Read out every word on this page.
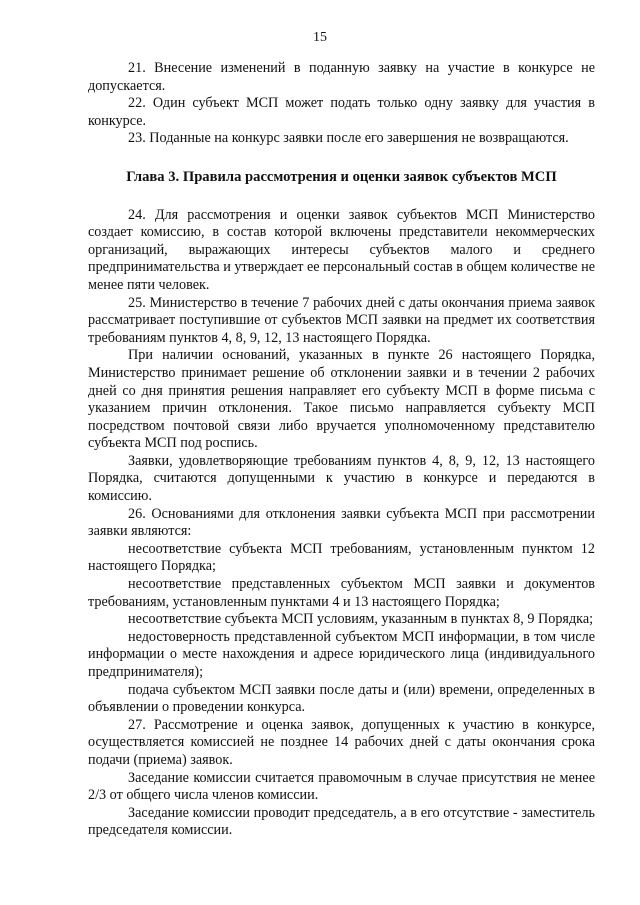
15

21. Внесение изменений в поданную заявку на участие в конкурсе не допускается.

22. Один субъект МСП может подать только одну заявку для участия в конкурсе.

23. Поданные на конкурс заявки после его завершения не возвращаются.

Глава 3. Правила рассмотрения и оценки заявок субъектов МСП

24. Для рассмотрения и оценки заявок субъектов МСП Министерство создает комиссию, в состав которой включены представители некоммерческих организаций, выражающих интересы субъектов малого и среднего предпринимательства и утверждает ее персональный состав в общем количестве не менее пяти человек.

25. Министерство в течение 7 рабочих дней с даты окончания приема заявок рассматривает поступившие от субъектов МСП заявки на предмет их соответствия требованиям пунктов 4, 8, 9, 12, 13 настоящего Порядка.

При наличии оснований, указанных в пункте 26 настоящего Порядка, Министерство принимает решение об отклонении заявки и в течении 2 рабочих дней со дня принятия решения направляет его субъекту МСП в форме письма с указанием причин отклонения. Такое письмо направляется субъекту МСП посредством почтовой связи либо вручается уполномоченному представителю субъекта МСП под роспись.

Заявки, удовлетворяющие требованиям пунктов 4, 8, 9, 12, 13 настоящего Порядка, считаются допущенными к участию в конкурсе и передаются в комиссию.

26. Основаниями для отклонения заявки субъекта МСП при рассмотрении заявки являются:

несоответствие субъекта МСП требованиям, установленным пунктом 12 настоящего Порядка;

несоответствие представленных субъектом МСП заявки и документов требованиям, установленным пунктами 4 и 13 настоящего Порядка;

несоответствие субъекта МСП условиям, указанным в пунктах 8, 9 Порядка;

недостоверность представленной субъектом МСП информации, в том числе информации о месте нахождения и адресе юридического лица (индивидуального предпринимателя);

подача субъектом МСП заявки после даты и (или) времени, определенных в объявлении о проведении конкурса.

27. Рассмотрение и оценка заявок, допущенных к участию в конкурсе, осуществляется комиссией не позднее 14 рабочих дней с даты окончания срока подачи (приема) заявок.

Заседание комиссии считается правомочным в случае присутствия не менее 2/3 от общего числа членов комиссии.

Заседание комиссии проводит председатель, а в его отсутствие - заместитель председателя комиссии.
